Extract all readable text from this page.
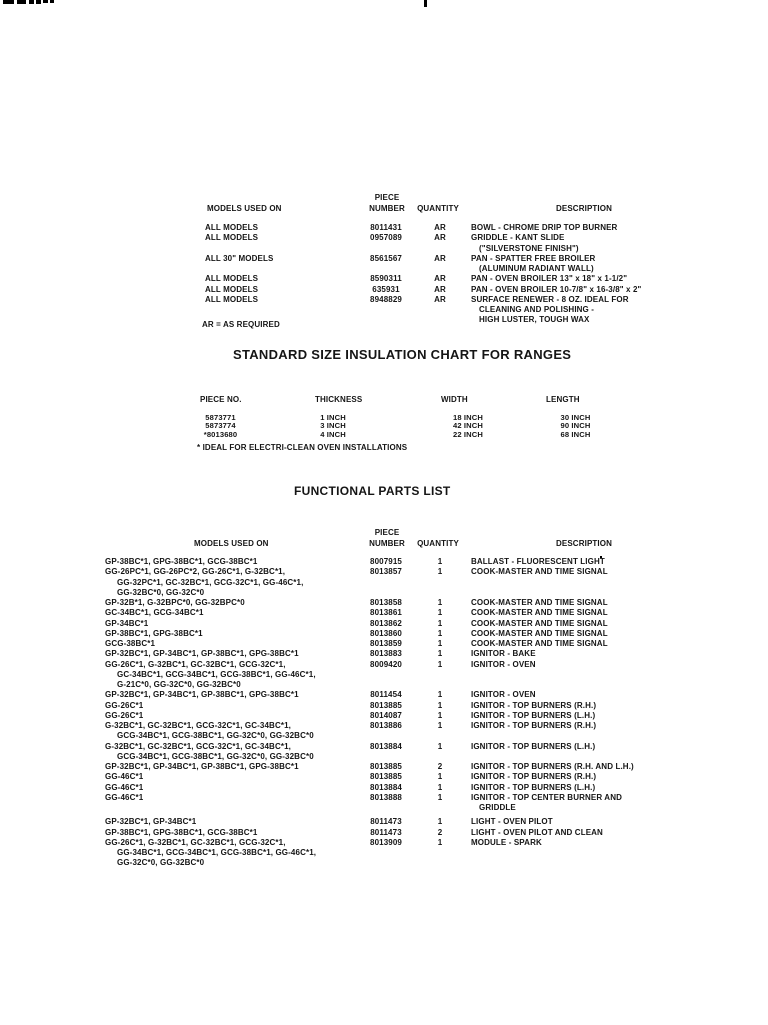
PIECE
NUMBER
MODELS USED ON	QUANTITY	DESCRIPTION
ALL MODELS	8011431	AR	BOWL - CHROME DRIP TOP BURNER
ALL MODELS	0957089	AR	GRIDDLE - KANT SLIDE
("SILVERSTONE FINISH")
ALL 30" MODELS	8561567	AR	PAN - SPATTER FREE BROILER
(ALUMINUM RADIANT WALL)
ALL MODELS	8590311	AR	PAN - OVEN BROILER 13" x 18" x 1-1/2"
ALL MODELS	635931	AR	PAN - OVEN BROILER 10-7/8" x 16-3/8" x 2"
ALL MODELS	8948829	AR	SURFACE RENEWER - 8 OZ. IDEAL FOR
CLEANING AND POLISHING -
HIGH LUSTER, TOUGH WAX
AR = AS REQUIRED
STANDARD SIZE INSULATION CHART FOR RANGES
PIECE NO.	THICKNESS	WIDTH	LENGTH
5873771	1 INCH	18 INCH	30 INCH
5873774	3 INCH	42 INCH	90 INCH
*8013680	4 INCH	22 INCH	68 INCH
* IDEAL FOR ELECTRI-CLEAN OVEN INSTALLATIONS
FUNCTIONAL PARTS LIST
PIECE
NUMBER
MODELS USED ON	QUANTITY	DESCRIPTION
GP-38BC*1, GPG-38BC*1, GCG-38BC*1	8007915	1	BALLAST - FLUORESCENT LIGHT
GG-26PC*1, GG-26PC*2, GG-26C*1, G-32BC*1,
GG-32PC*1, GC-32BC*1, GCG-32C*1, GG-46C*1,
GG-32BC*0, GG-32C*0
8013857	1	COOK-MASTER AND TIME SIGNAL
GP-32B*1, G-32BPC*0, GG-32BPC*0	8013858	1	COOK-MASTER AND TIME SIGNAL
GC-34BC*1, GCG-34BC*1	8013861	1	COOK-MASTER AND TIME SIGNAL
GP-34BC*1	8013862	1	COOK-MASTER AND TIME SIGNAL
GP-38BC*1, GPG-38BC*1	8013860	1	COOK-MASTER AND TIME SIGNAL
GCG-38BC*1	8013859	1	COOK-MASTER AND TIME SIGNAL
GP-32BC*1, GP-34BC*1, GP-38BC*1, GPG-38BC*1	8013883	1	IGNITOR - BAKE
GG-26C*1, G-32BC*1, GC-32BC*1, GCG-32C*1,
GC-34BC*1, GCG-34BC*1, GCG-38BC*1, GG-46C*1,
G-21C*0, GG-32C*0, GG-32BC*0
8009420	1	IGNITOR - OVEN
GP-32BC*1, GP-34BC*1, GP-38BC*1, GPG-38BC*1	8011454	1	IGNITOR - OVEN
GG-26C*1	8013885	1	IGNITOR - TOP BURNERS (R.H.)
GG-26C*1	8014087	1	IGNITOR - TOP BURNERS (L.H.)
G-32BC*1, GC-32BC*1, GCG-32C*1, GC-34BC*1,
GCG-34BC*1, GCG-38BC*1, GG-32C*0, GG-32BC*0
8013886	1	IGNITOR - TOP BURNERS (R.H.)
G-32BC*1, GC-32BC*1, GCG-32C*1, GC-34BC*1,
GCG-34BC*1, GCG-38BC*1, GG-32C*0, GG-32BC*0
8013884	1	IGNITOR - TOP BURNERS (L.H.)
GP-32BC*1, GP-34BC*1, GP-38BC*1, GPG-38BC*1	8013885	2	IGNITOR - TOP BURNERS (R.H. AND L.H.)
GG-46C*1	8013885	1	IGNITOR - TOP BURNERS (R.H.)
GG-46C*1	8013884	1	IGNITOR - TOP BURNERS (L.H.)
GG-46C*1	8013888	1	IGNITOR - TOP CENTER BURNER AND
GRIDDLE
GP-32BC*1, GP-34BC*1	8011473	1	LIGHT - OVEN PILOT
GP-38BC*1, GPG-38BC*1, GCG-38BC*1	8011473	2	LIGHT - OVEN PILOT AND CLEAN
GG-26C*1, G-32BC*1, GC-32BC*1, GCG-32C*1,
GG-34BC*1, GCG-34BC*1, GCG-38BC*1, GG-46C*1,
GG-32C*0, GG-32BC*0
8013909	1	MODULE - SPARK
